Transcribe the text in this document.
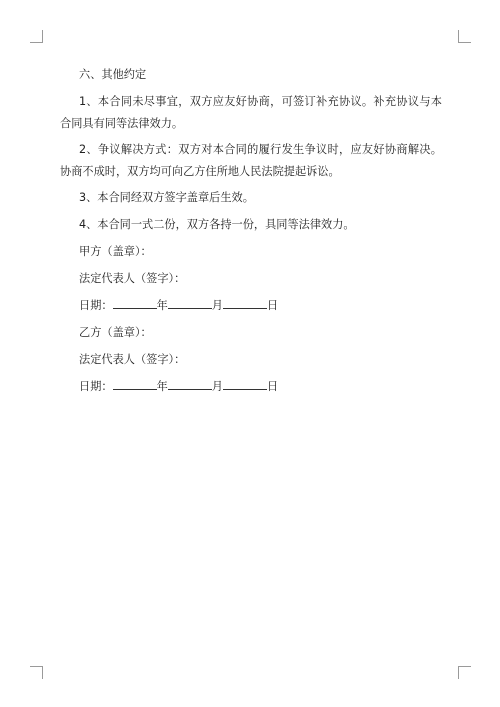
六、其他约定

1、本合同未尽事宜，双方应友好协商，可签订补充协议。补充协议与本合同具有同等法律效力。

2、争议解决方式：双方对本合同的履行发生争议时，应友好协商解决。协商不成时，双方均可向乙方住所地人民法院提起诉讼。

3、本合同经双方签字盖章后生效。

4、本合同一式二份，双方各持一份，具同等法律效力。

甲方（盖章）：

法定代表人（签字）：

日期：	年	月	日

乙方（盖章）：

法定代表人（签字）：

日期：	年	月	日
